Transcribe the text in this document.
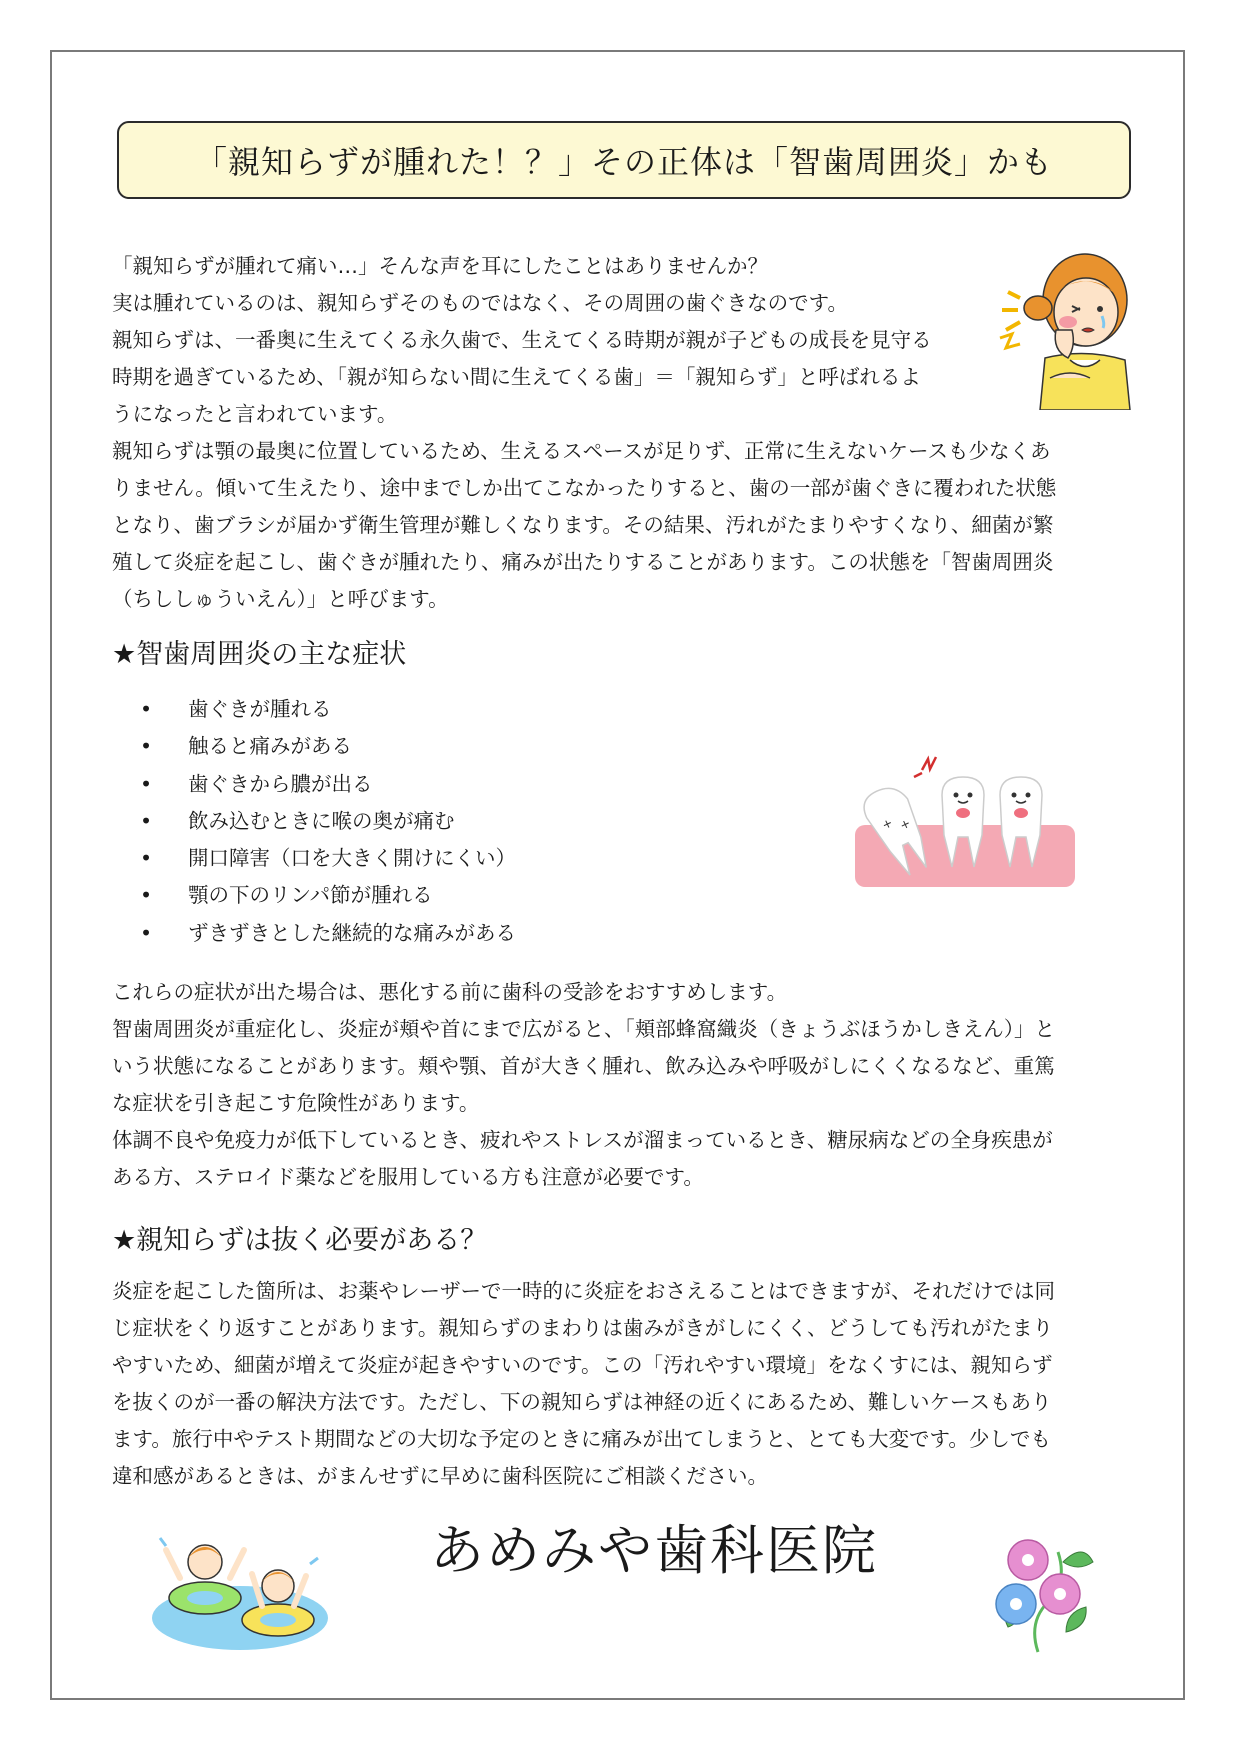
「親知らずが腫れた！？」その正体は「智歯周囲炎」かも
「親知らずが腫れて痛い…」そんな声を耳にしたことはありませんか？
実は腫れているのは、親知らずそのものではなく、その周囲の歯ぐきなのです。
親知らずは、一番奥に生えてくる永久歯で、生えてくる時期が親が子どもの成長を見守る
時期を過ぎているため、「親が知らない間に生えてくる歯」＝「親知らず」と呼ばれるよ
うになったと言われています。
親知らずは顎の最奥に位置しているため、生えるスペースが足りず、正常に生えないケースも少なくあ
りません。傾いて生えたり、途中までしか出てこなかったりすると、歯の一部が歯ぐきに覆われた状態
となり、歯ブラシが届かず衛生管理が難しくなります。その結果、汚れがたまりやすくなり、細菌が繁
殖して炎症を起こし、歯ぐきが腫れたり、痛みが出たりすることがあります。この状態を「智歯周囲炎
（ちししゅういえん）」と呼びます。
★智歯周囲炎の主な症状
• 歯ぐきが腫れる
• 触ると痛みがある
• 歯ぐきから膿が出る
• 飲み込むときに喉の奥が痛む
• 開口障害（口を大きく開けにくい）
• 顎の下のリンパ節が腫れる
• ずきずきとした継続的な痛みがある
+ +
これらの症状が出た場合は、悪化する前に歯科の受診をおすすめします。
智歯周囲炎が重症化し、炎症が頬や首にまで広がると、「頬部蜂窩織炎（きょうぶほうかしきえん）」と
いう状態になることがあります。頬や顎、首が大きく腫れ、飲み込みや呼吸がしにくくなるなど、重篤
な症状を引き起こす危険性があります。
体調不良や免疫力が低下しているとき、疲れやストレスが溜まっているとき、糖尿病などの全身疾患が
ある方、ステロイド薬などを服用している方も注意が必要です。
★親知らずは抜く必要がある？
炎症を起こした箇所は、お薬やレーザーで一時的に炎症をおさえることはできますが、それだけでは同
じ症状をくり返すことがあります。親知らずのまわりは歯みがきがしにくく、どうしても汚れがたまり
やすいため、細菌が増えて炎症が起きやすいのです。この「汚れやすい環境」をなくすには、親知らず
を抜くのが一番の解決方法です。ただし、下の親知らずは神経の近くにあるため、難しいケースもあり
ます。旅行中やテスト期間などの大切な予定のときに痛みが出てしまうと、とても大変です。少しでも
違和感があるときは、がまんせずに早めに歯科医院にご相談ください。
あめみや歯科医院
